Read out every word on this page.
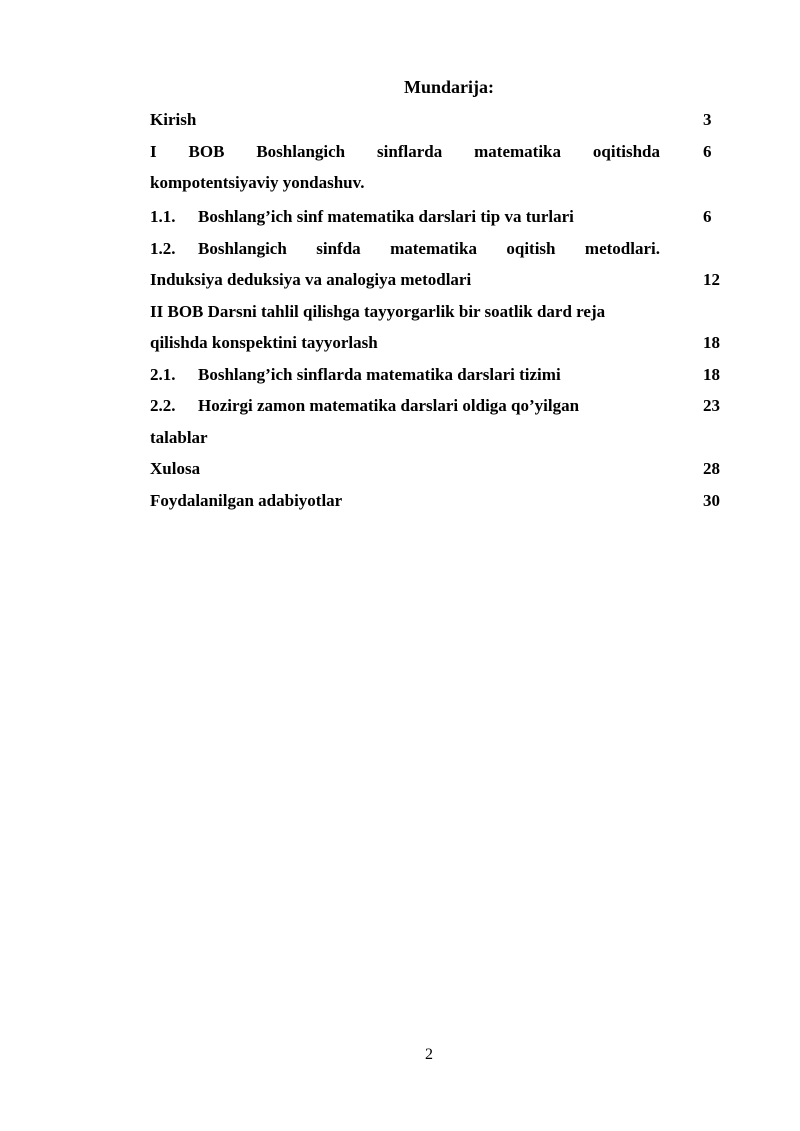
Mundarija:
Kirish	3
I BOB Boshlangich sinflarda matematika oqitishda	6
kompotentsiyaviy yondashuv.
1.1. Boshlang’ich sinf matematika darslari tip va turlari	6
1.2.	Boshlangich sinfda matematika oqitish metodlari.
Induksiya deduksiya va analogiya metodlari	12
II BOB Darsni tahlil qilishga tayyorgarlik bir soatlik dard reja
qilishda konspektini tayyorlash	18
2.1. Boshlang’ich sinflarda matematika darslari tizimi	18
2.2. Hozirgi zamon matematika darslari oldiga qo’yilgan	23
talablar
Xulosa	28
Foydalanilgan adabiyotlar	30
2
